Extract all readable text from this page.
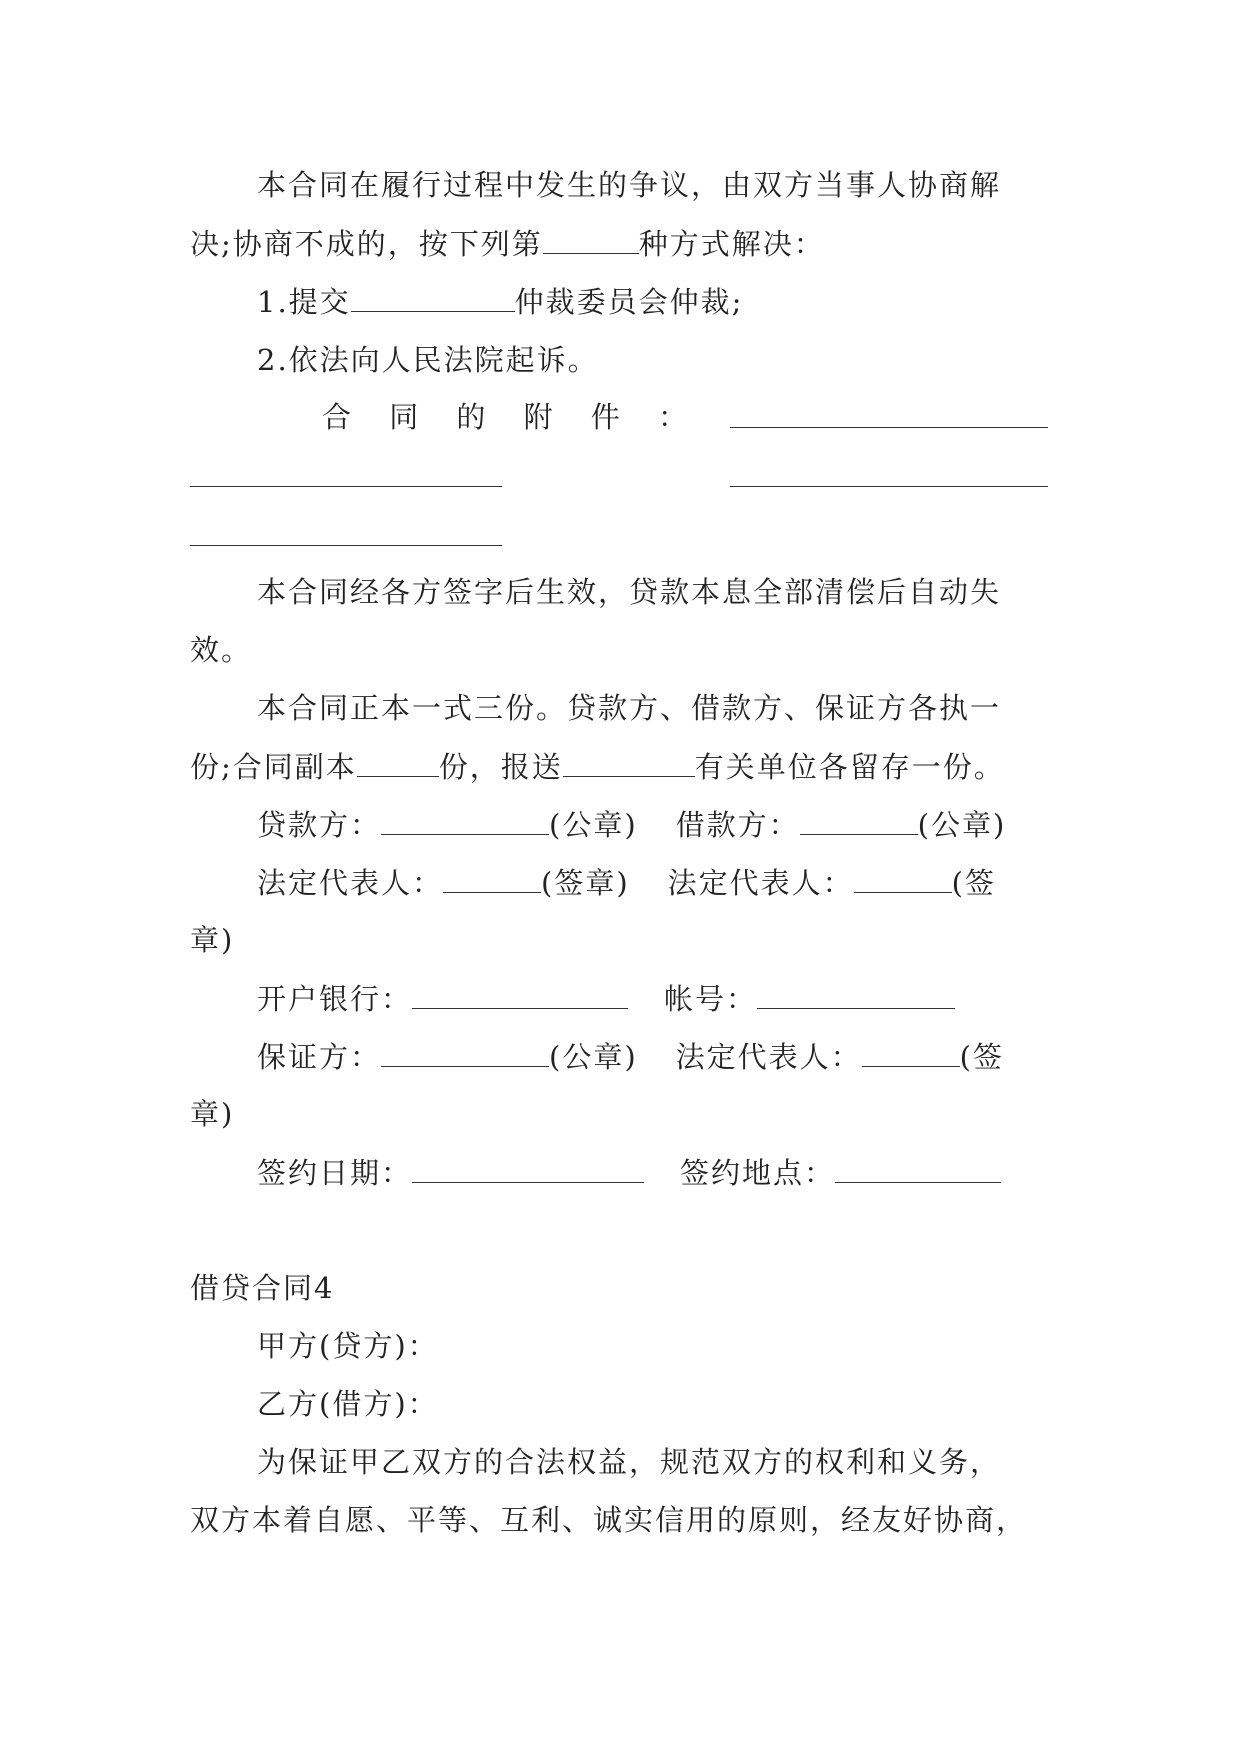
本合同在履行过程中发生的争议，由双方当事人协商解
决;协商不成的，按下列第	种方式解决：
1.提交	仲裁委员会仲裁;
2.依法向人民法院起诉。
合 同 的 附 件 ：
本合同经各方签字后生效，贷款本息全部清偿后自动失
效。
本合同正本一式三份。贷款方、借款方、保证方各执一
份;合同副本	份，报送	有关单位各留存一份。
贷款方：	(公章) 借款方：	(公章)
法定代表人：	(签章) 法定代表人：	(签
章)
开户银行：	帐号：
保证方：	(公章) 法定代表人：	(签
章)
签约日期：	签约地点：
借贷合同4
甲方(贷方)：
乙方(借方)：
为保证甲乙双方的合法权益，规范双方的权利和义务，
双方本着自愿、平等、互利、诚实信用的原则，经友好协商，
